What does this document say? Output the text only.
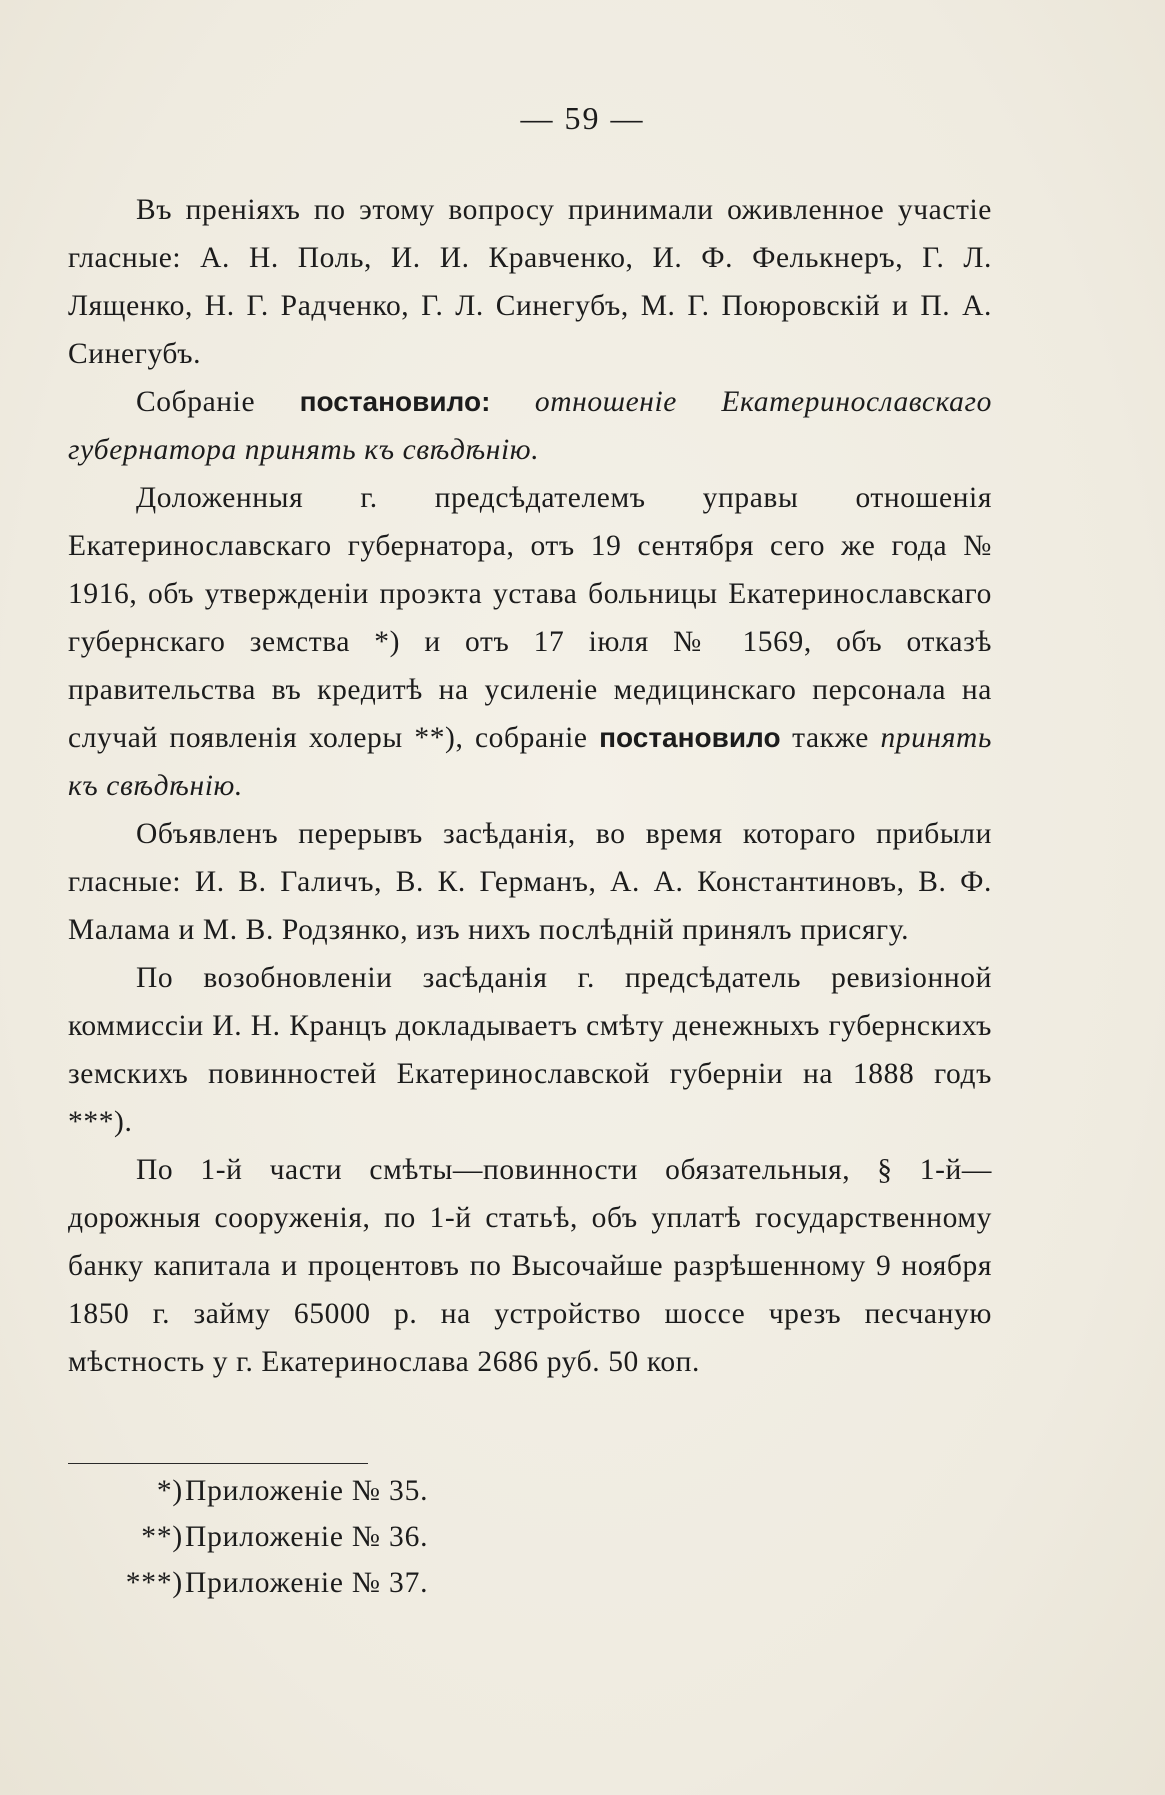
— 59 —

Въ преніяхъ по этому вопросу принимали оживленное участіе гласные: А. Н. Поль, И. И. Кравченко, И. Ф. Фелькнеръ, Г. Л. Лященко, Н. Г. Радченко, Г. Л. Синегубъ, М. Г. Поюровскій и П. А. Синегубъ.

Собраніе постановило: отношеніе Екатеринославскаго губернатора принять къ свѣдѣнію.

Доложенныя г. предсѣдателемъ управы отношенія Екатеринославскаго губернатора, отъ 19 сентября сего же года № 1916, объ утвержденіи проэкта устава больницы Екатеринославскаго губернскаго земства *) и отъ 17 іюля № 1569, объ отказѣ правительства въ кредитѣ на усиленіе медицинскаго персонала на случай появленія холеры **), собраніе постановило также принять къ свѣдѣнію.

Объявленъ перерывъ засѣданія, во время котораго прибыли гласные: И. В. Галичъ, В. К. Германъ, А. А. Константиновъ, В. Ф. Малама и М. В. Родзянко, изъ нихъ послѣдній принялъ присягу.

По возобновленіи засѣданія г. предсѣдатель ревизіонной коммиссіи И. Н. Кранцъ докладываетъ смѣту денежныхъ губернскихъ земскихъ повинностей Екатеринославской губерніи на 1888 годъ ***).

По 1-й части смѣты—повинности обязательныя, § 1-й—дорожныя сооруженія, по 1-й статьѣ, объ уплатѣ государственному банку капитала и процентовъ по Высочайше разрѣшенному 9 ноября 1850 г. займу 65000 р. на устройство шоссе чрезъ песчаную мѣстность у г. Екатеринослава 2686 руб. 50 коп.

*) Приложеніе № 35.
**) Приложеніе № 36.
***) Приложеніе № 37.
